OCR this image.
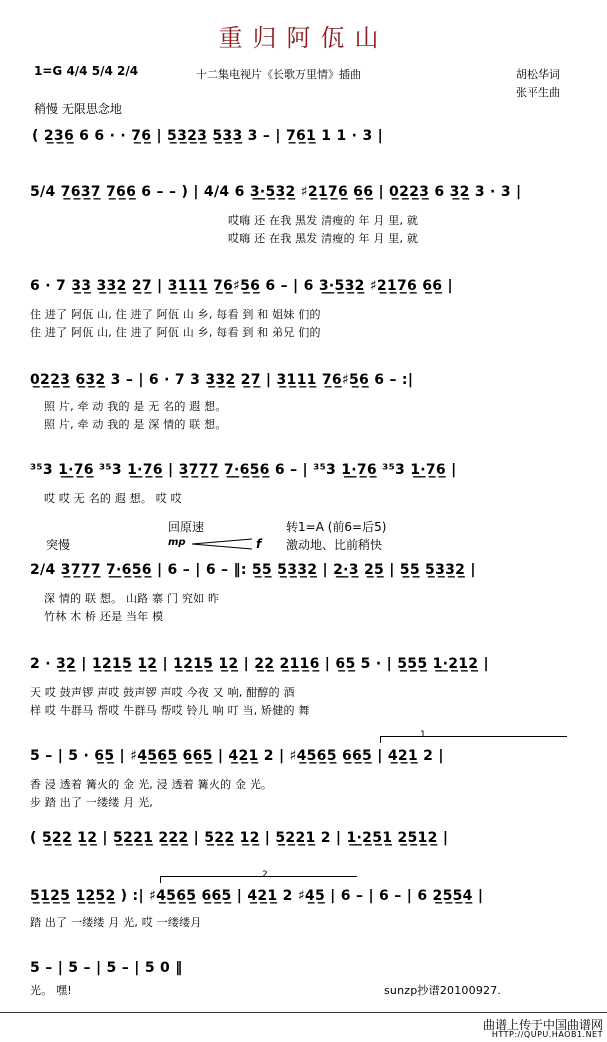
重归阿佤山
1=G 4/4 5/4 2/4	十二集电视片《长歌万里情》插曲	胡松华词
张平生曲
稍慢 无限思念地
( 2̲3̲6̲ 6 6 · · 7̲6̲ | 5̲3̲2̲3̲ 5̲3̲3̲ 3 – | 7̲6̲1̲ 1 1 · 3 |
5/4 7̲6̲3̲7̲ 7̲6̲6̲ 6 – – ) | 4/4 6 3̲·̲5̲3̲2̲ ♯2̲1̲7̲6̲ 6̲6̲ | 0̲2̲2̲3̲ 6 3̲2̲ 3 · 3 |
哎嗨 还 在我 黑发 清瘦的 年 月 里, 就
哎嗨 还 在我 黑发 清瘦的 年 月 里, 就
6 · 7 3̲3̲ 3̲3̲2̲ 2̲7̲ | 3̲1̲1̲1̲ 7̲6̲♯5̲6̲ 6 – | 6 3̲·̲5̲3̲2̲ ♯2̲1̲7̲6̲ 6̲6̲ |
住 进了 阿佤 山, 住 进了 阿佤 山 乡, 每看 到 和 姐妹 们的
住 进了 阿佤 山, 住 进了 阿佤 山 乡, 每看 到 和 弟兄 们的
0̲2̲2̲3̲ 6̲3̲2̲ 3 – | 6 · 7 3 3̲3̲2̲ 2̲7̲ | 3̲1̲1̲1̲ 7̲6̲♯5̲6̲ 6 – :|
照 片, 牵 动 我的 是 无 名的 遐 想。
照 片, 牵 动 我的 是 深 情的 联 想。
³⁵3 1̲·̲7̲6̲ ³⁵3 1̲·̲7̲6̲ | 3̲7̲7̲7̲ 7̲·̲6̲5̲6̲ 6 – | ³⁵3 1̲·̲7̲6̲ ³⁵3 1̲·̲7̲6̲ |
哎 哎 无 名的 遐 想。 哎 哎
突慢
回原速
mp	f
转1=A (前6=后5)
激动地、比前稍快
2/4 3̲7̲7̲7̲ 7̲·̲6̲5̲6̲ | 6 – | 6 – ‖: 5̲5̲ 5̲3̲3̲2̲ | 2̲·̲3̲ 2̲5̲ | 5̲5̲ 5̲3̲3̲2̲ |
深 情的 联 想。 山路 寨 门 究如 昨
竹林 木 桥 还是 当年 模
2 · 3̲2̲ | 1̲2̲1̲5̲ 1̲2̲ | 1̲2̲1̲5̲ 1̲2̲ | 2̲2̲ 2̲1̲1̲6̲ | 6̲5̲ 5 · | 5̲5̲5̲ 1̲·̲2̲1̲2̲ |
天 哎 鼓声锣 声哎 鼓声锣 声哎 今夜 又 响, 酣醇的 酒
样 哎 牛群马 帮哎 牛群马 帮哎 铃儿 响 叮 当, 矫健的 舞
1
5 – | 5 · 6̲5̲ | ♯4̲5̲6̲5̲ 6̲6̲5̲ | 4̲2̲1̲ 2 | ♯4̲5̲6̲5̲ 6̲6̲5̲ | 4̲2̲1̲ 2 |
香 浸 透着 篝火的 金 光, 浸 透着 篝火的 金 光。
步 踏 出了 一缕缕 月 光,
( 5̲2̲2̲ 1̲2̲ | 5̲2̲2̲1̲ 2̲2̲2̲ | 5̲2̲2̲ 1̲2̲ | 5̲2̲2̲1̲ 2 | 1̲·̲2̲5̲1̲ 2̲5̲1̲2̲ |
2
5̲1̲2̲5̲ 1̲2̲5̲2̲ ) :| ♯4̲5̲6̲5̲ 6̲6̲5̲ | 4̲2̲1̲ 2 ♯4̲5̲ | 6 – | 6 – | 6 2̲5̲5̲4̲ |
踏 出了 一缕缕 月 光, 哎 一缕缕月
5 – | 5 – | 5 – | 5 0 ‖
光。 嘿!	sunzp抄谱20100927.
曲谱上传于中国曲谱网
HTTP://QUPU.HAOB1.NET
